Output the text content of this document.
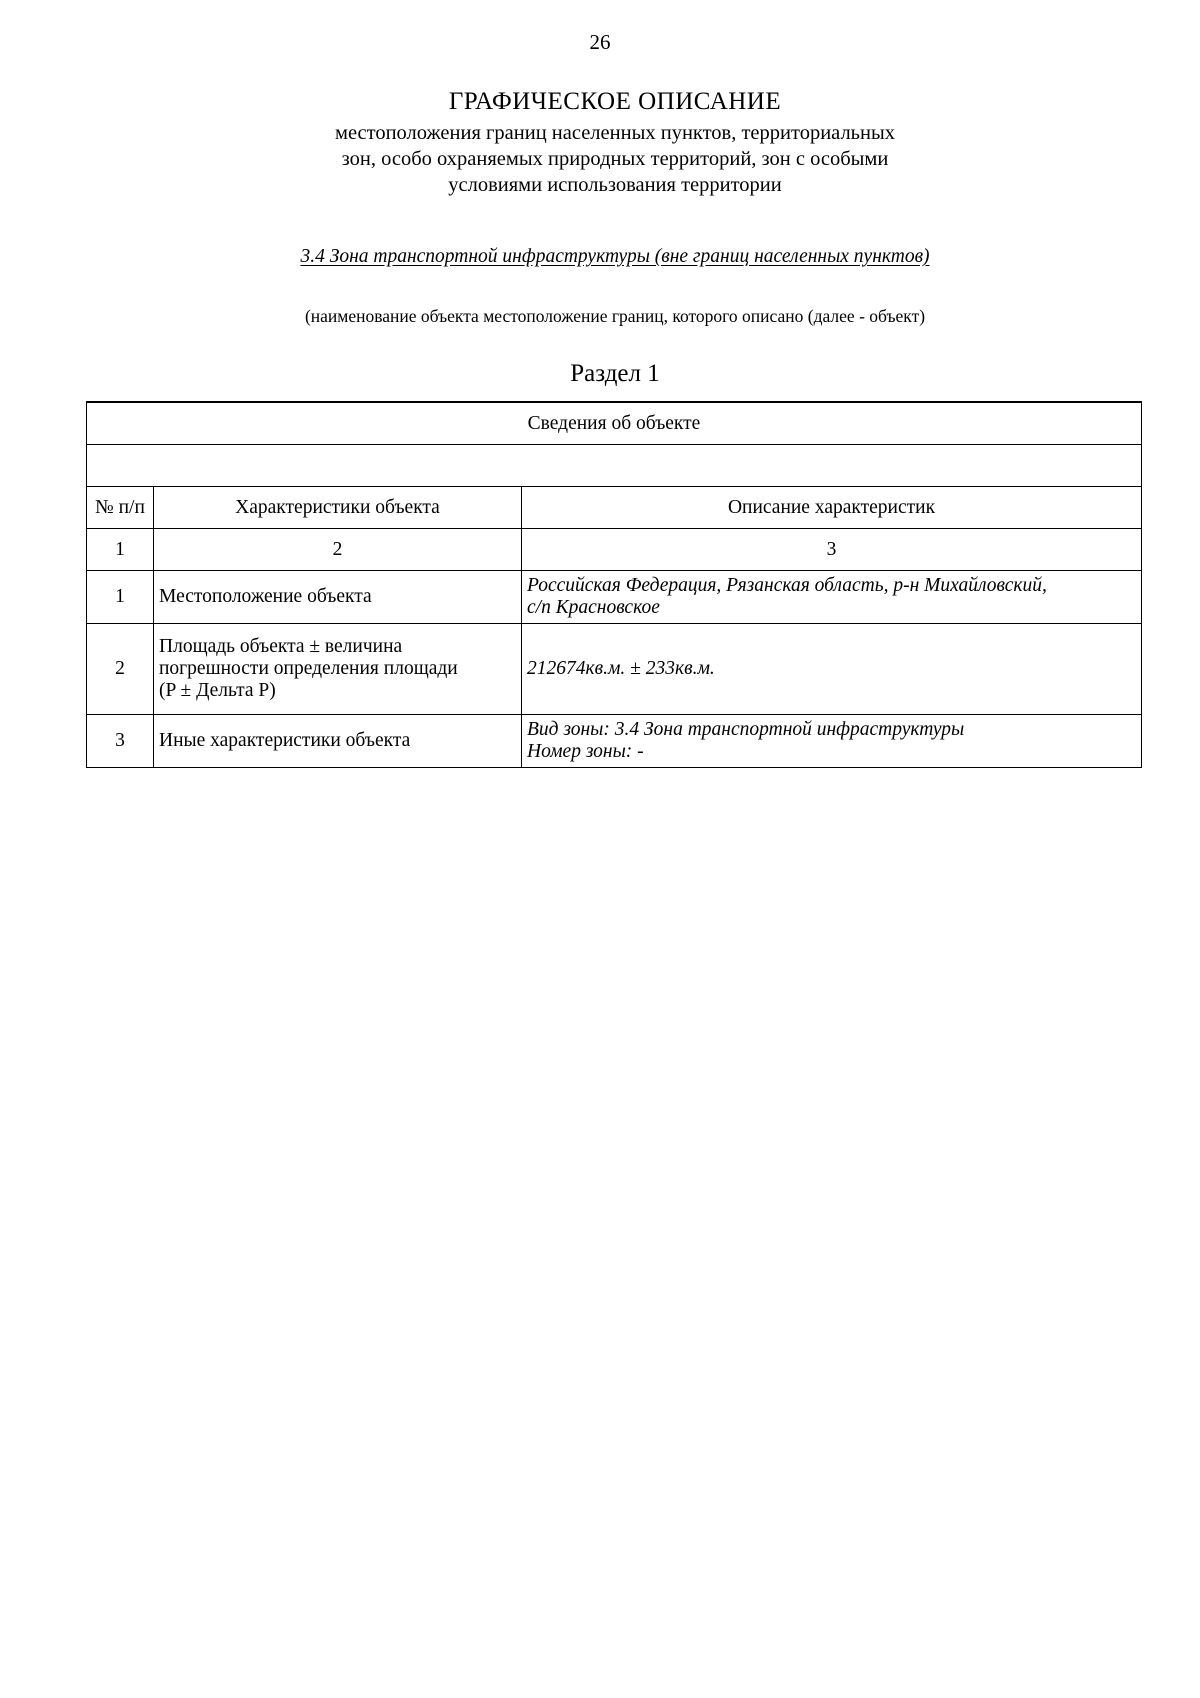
26
ГРАФИЧЕСКОЕ ОПИСАНИЕ
местоположения границ населенных пунктов, территориальных
зон, особо охраняемых природных территорий, зон с особыми
условиями использования территории
3.4 Зона транспортной инфраструктуры (вне границ населенных пунктов)
(наименование объекта местоположение границ, которого описано (далее - объект)
Раздел 1
Сведения об объекте		

№ п/п	Характеристики объекта	Описание характеристик
1	2	3
1	Местоположение объекта	Российская Федерация, Рязанская область, р-н Михайловский,
с/п Красновское

2	Площадь объекта ± величина
погрешности определения площади
(P ± Дельта P)	212674кв.м. ± 233кв.м.

3	Иные характеристики объекта	Вид зоны: 3.4 Зона транспортной инфраструктуры
Номер зоны: -
